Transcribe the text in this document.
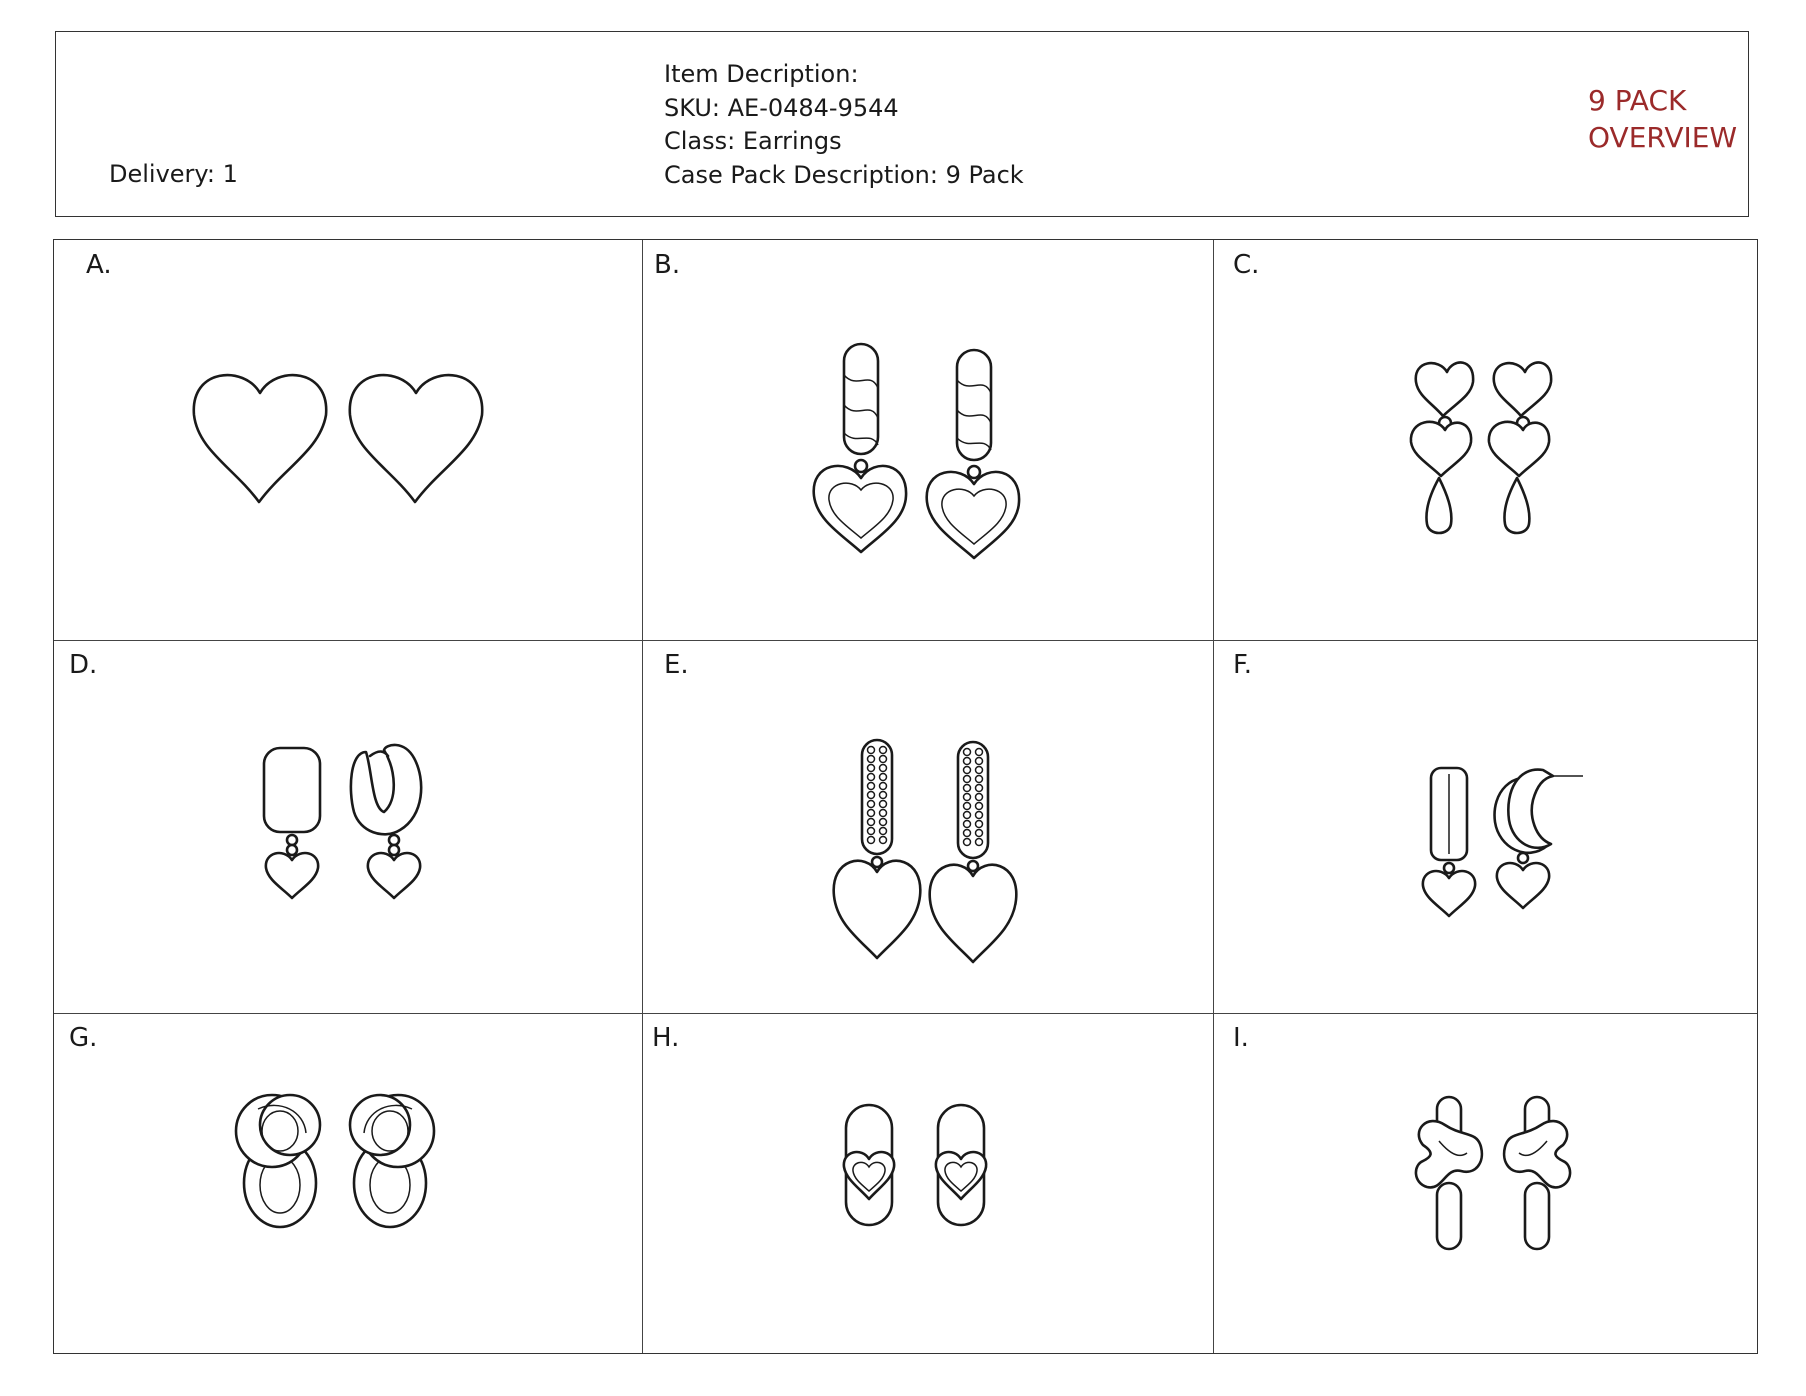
Delivery: 1
Item Decription:
SKU: AE-0484-9544
Class: Earrings
Case Pack Description: 9 Pack
9 PACK
OVERVIEW
A.	B.	C.
D.	E.	F.
G.	H.	I.
